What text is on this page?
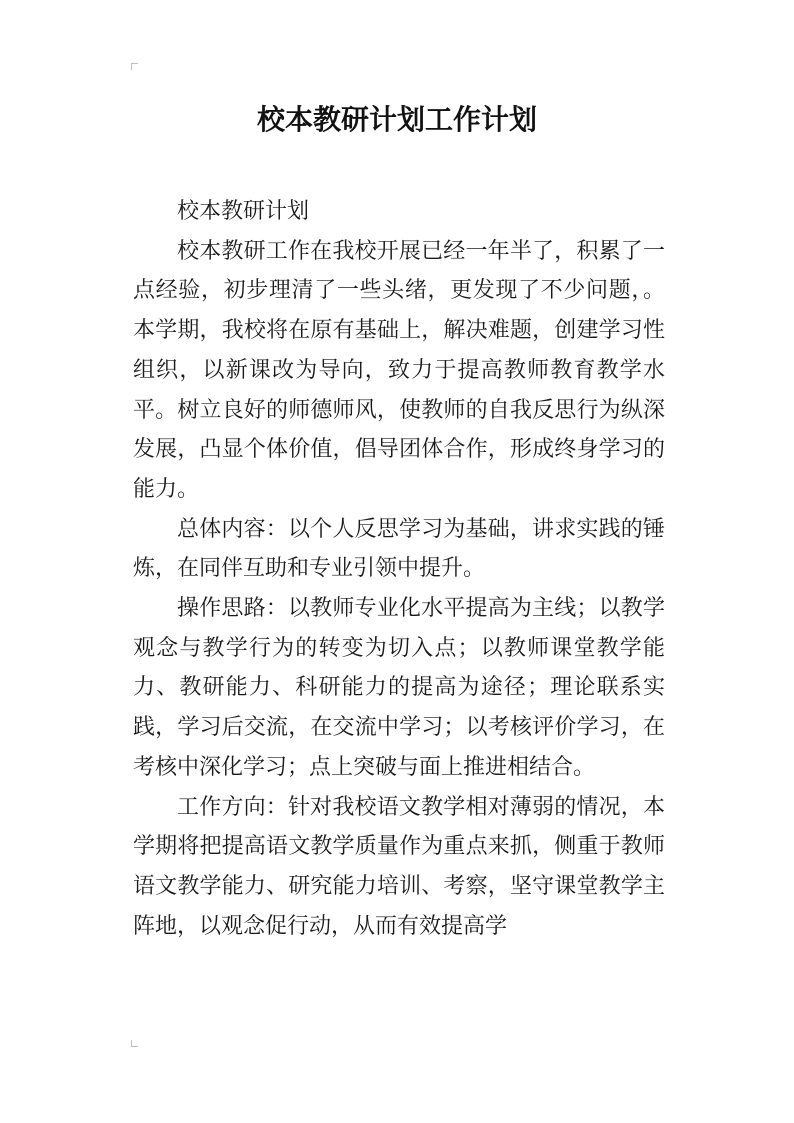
校本教研计划工作计划

校本教研计划

校本教研工作在我校开展已经一年半了，积累了一点经验，初步理清了一些头绪，更发现了不少问题，。本学期，我校将在原有基础上，解决难题，创建学习性组织，以新课改为导向，致力于提高教师教育教学水平。树立良好的师德师风，使教师的自我反思行为纵深发展，凸显个体价值，倡导团体合作，形成终身学习的能力。

总体内容：以个人反思学习为基础，讲求实践的锤炼，在同伴互助和专业引领中提升。

操作思路：以教师专业化水平提高为主线；以教学观念与教学行为的转变为切入点；以教师课堂教学能力、教研能力、科研能力的提高为途径；理论联系实践，学习后交流，在交流中学习；以考核评价学习，在考核中深化学习；点上突破与面上推进相结合。

工作方向：针对我校语文教学相对薄弱的情况，本学期将把提高语文教学质量作为重点来抓，侧重于教师语文教学能力、研究能力培训、考察，坚守课堂教学主阵地，以观念促行动，从而有效提高学
